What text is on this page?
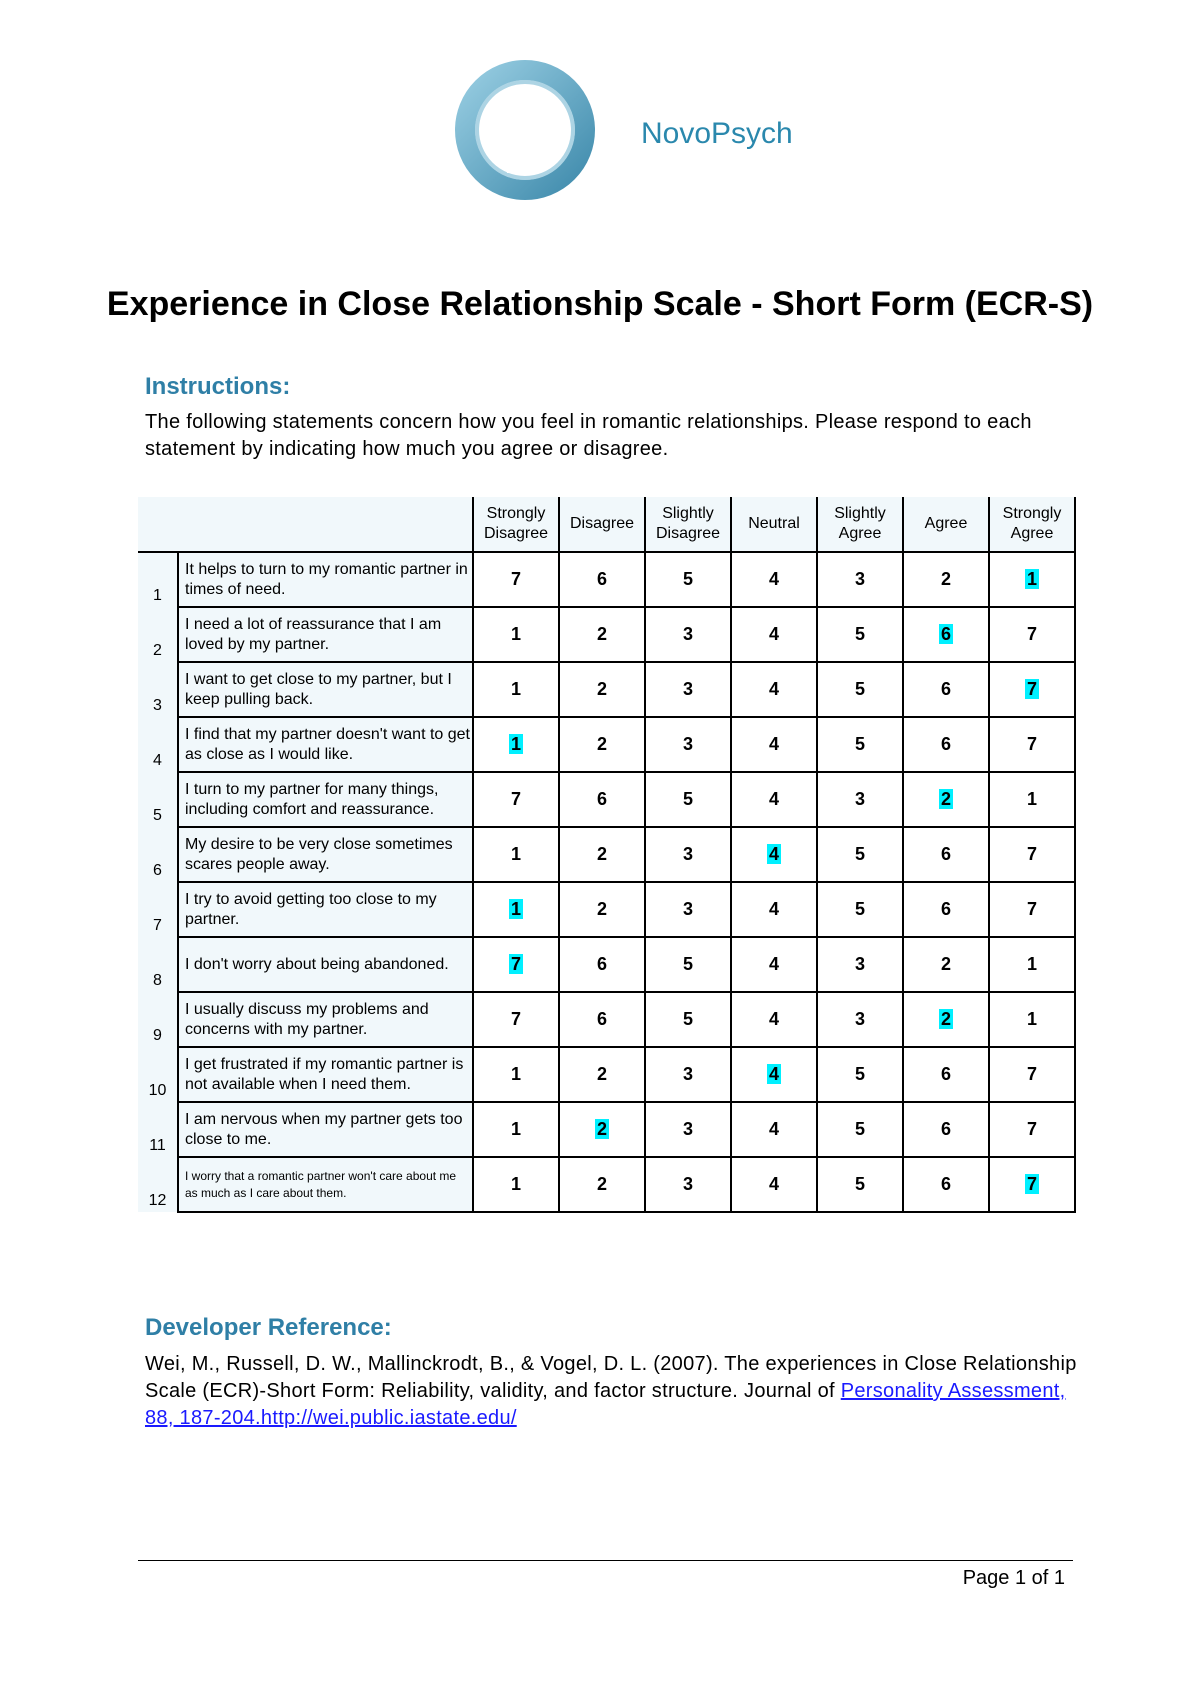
NovoPsych
Experience in Close Relationship Scale - Short Form (ECR-S)
Instructions:
The following statements concern how you feel in romantic relationships. Please respond to each statement by indicating how much you agree or disagree.
		Strongly Disagree	Disagree	Slightly Disagree	Neutral	Slightly Agree	Agree	Strongly Agree
1	It helps to turn to my romantic partner in times of need.	7	6	5	4	3	2	1
2	I need a lot of reassurance that I am loved by my partner.	1	2	3	4	5	6	7
3	I want to get close to my partner, but I keep pulling back.	1	2	3	4	5	6	7
4	I find that my partner doesn't want to get as close as I would like.	1	2	3	4	5	6	7
5	I turn to my partner for many things, including comfort and reassurance.	7	6	5	4	3	2	1
6	My desire to be very close sometimes scares people away.	1	2	3	4	5	6	7
7	I try to avoid getting too close to my partner.	1	2	3	4	5	6	7
8	I don't worry about being abandoned.	7	6	5	4	3	2	1
9	I usually discuss my problems and concerns with my partner.	7	6	5	4	3	2	1
10	I get frustrated if my romantic partner is not available when I need them.	1	2	3	4	5	6	7
11	I am nervous when my partner gets too close to me.	1	2	3	4	5	6	7
12	I worry that a romantic partner won't care about me as much as I care about them.	1	2	3	4	5	6	7
Developer Reference:
Wei, M., Russell, D. W., Mallinckrodt, B., & Vogel, D. L. (2007). The experiences in Close Relationship Scale (ECR)-Short Form: Reliability, validity, and factor structure. Journal of Personality Assessment, 88, 187-204.http://wei.public.iastate.edu/
Page 1 of 1
